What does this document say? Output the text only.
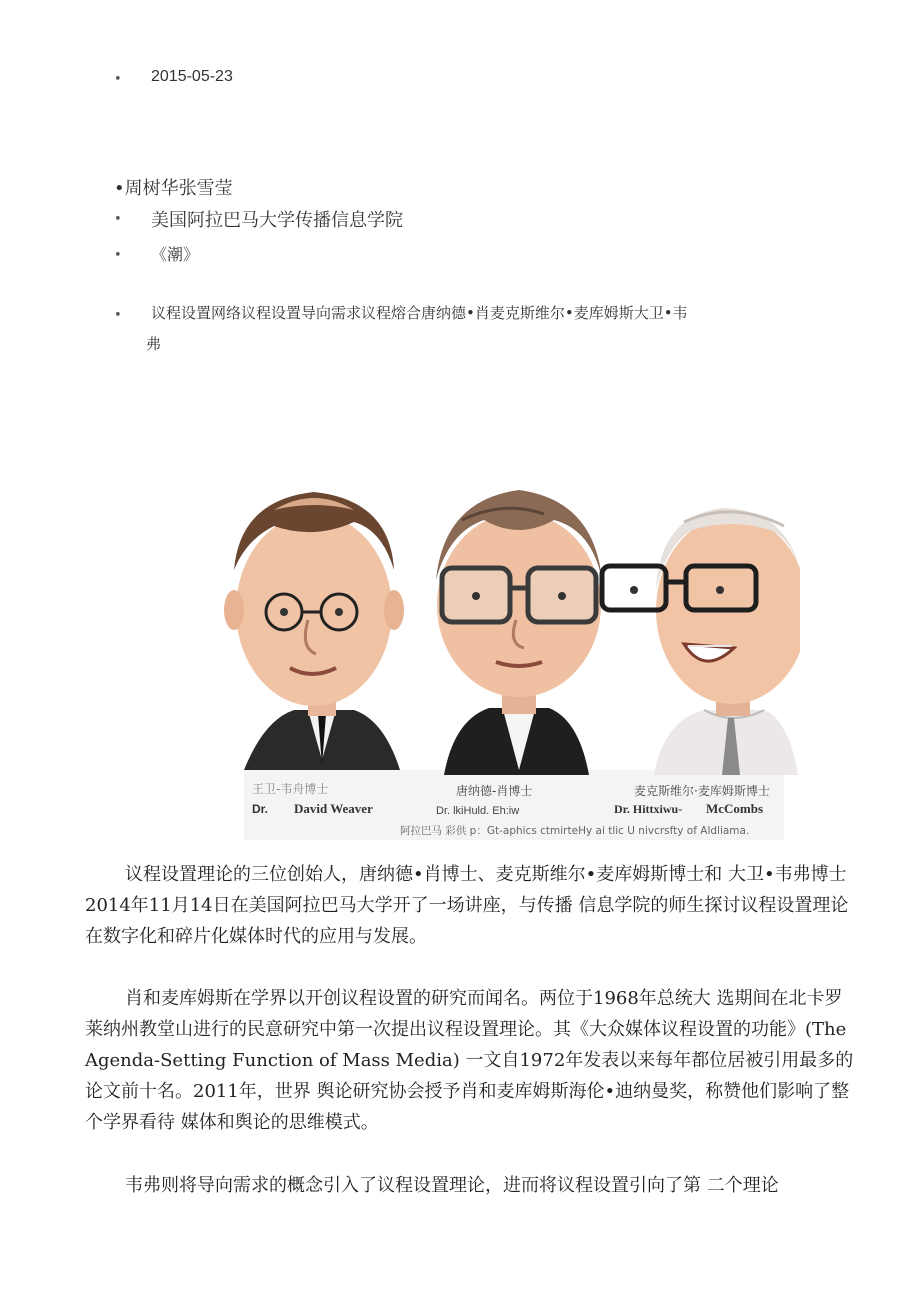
• 2015-05-23
•周树华张雪莹
• 美国阿拉巴马大学传播信息学院
• 《潮》
• 议程设置网络议程设置导向需求议程熔合唐纳德•肖麦克斯维尔•麦库姆斯大卫•韦
弗
王卫-韦舟博士
Dr. David Weaver
唐纳德-肖博士
Dr. lkiHuld. Eh:iw
麦克斯维尔·麦库姆斯博士
Dr. Hittxiwu- McCombs
阿拉巴马 彩供 p：Gt-aphics ctmirteHy ai tlic U nivcrsfty of Aldliama.

议程设置理论的三位创始人，唐纳德•肖博士、麦克斯维尔•麦库姆斯博士和 大卫•韦弗博士 2014年11月14日在美国阿拉巴马大学开了一场讲座，与传播 信息学院的师生探讨议程设置理论在数字化和碎片化媒体时代的应用与发展。

肖和麦库姆斯在学界以开创议程设置的研究而闻名。两位于1968年总统大 选期间在北卡罗莱纳州教堂山进行的民意研究中第一次提出议程设置理论。其《大众媒体议程设置的功能》(The Agenda-Setting Function of Mass Media) 一文自1972年发表以来每年都位居被引用最多的论文前十名。2011年，世界 舆论研究协会授予肖和麦库姆斯海伦•迪纳曼奖，称赞他们影响了整个学界看待 媒体和舆论的思维模式。

韦弗则将导向需求的概念引入了议程设置理论，进而将议程设置引向了第 二个理论
